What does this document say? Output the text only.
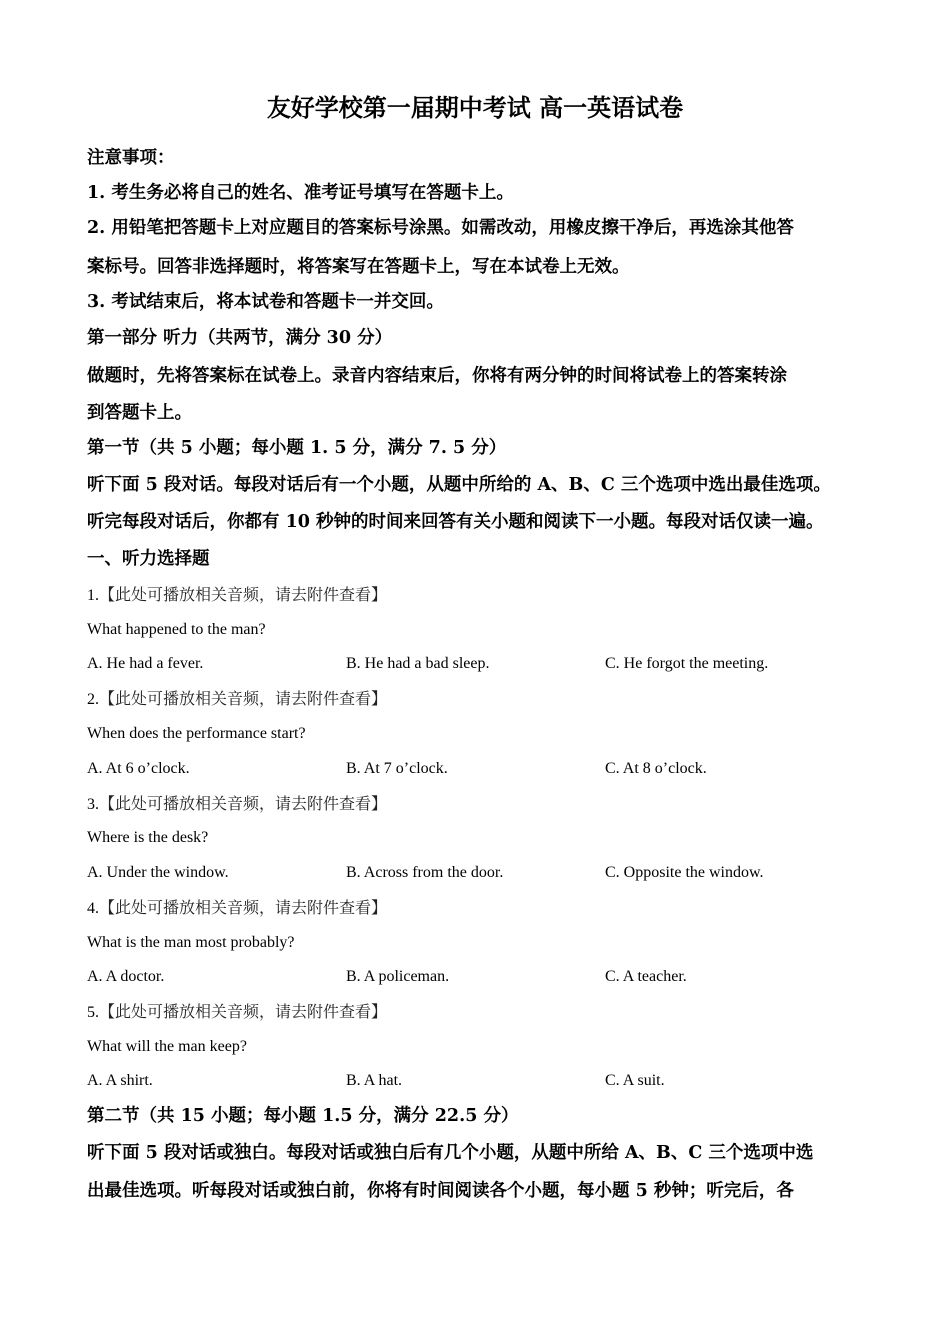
友好学校第一届期中考试 高一英语试卷
注意事项：
1. 考生务必将自己的姓名、准考证号填写在答题卡上。
2. 用铅笔把答题卡上对应题目的答案标号涂黑。如需改动，用橡皮擦干净后，再选涂其他答
案标号。回答非选择题时，将答案写在答题卡上，写在本试卷上无效。
3. 考试结束后，将本试卷和答题卡一并交回。
第一部分 听力（共两节，满分 30 分）
做题时，先将答案标在试卷上。录音内容结束后，你将有两分钟的时间将试卷上的答案转涂
到答题卡上。
第一节（共 5 小题；每小题 1. 5 分，满分 7. 5 分）
听下面 5 段对话。每段对话后有一个小题，从题中所给的 A、B、C 三个选项中选出最佳选项。
听完每段对话后，你都有 10 秒钟的时间来回答有关小题和阅读下一小题。每段对话仅读一遍。
一、听力选择题
1.【此处可播放相关音频，请去附件查看】
What happened to the man?
A. He had a fever.	B. He had a bad sleep.	C. He forgot the meeting.
2.【此处可播放相关音频，请去附件查看】
When does the performance start?
A. At 6 o’clock.	B. At 7 o’clock.	C. At 8 o’clock.
3.【此处可播放相关音频，请去附件查看】
Where is the desk?
A. Under the window.	B. Across from the door.	C. Opposite the window.
4.【此处可播放相关音频，请去附件查看】
What is the man most probably?
A. A doctor.	B. A policeman.	C. A teacher.
5.【此处可播放相关音频，请去附件查看】
What will the man keep?
A. A shirt.	B. A hat.	C. A suit.
第二节（共 15 小题；每小题 1.5 分，满分 22.5 分）
听下面 5 段对话或独白。每段对话或独白后有几个小题，从题中所给 A、B、C 三个选项中选
出最佳选项。听每段对话或独白前，你将有时间阅读各个小题，每小题 5 秒钟；听完后，各
